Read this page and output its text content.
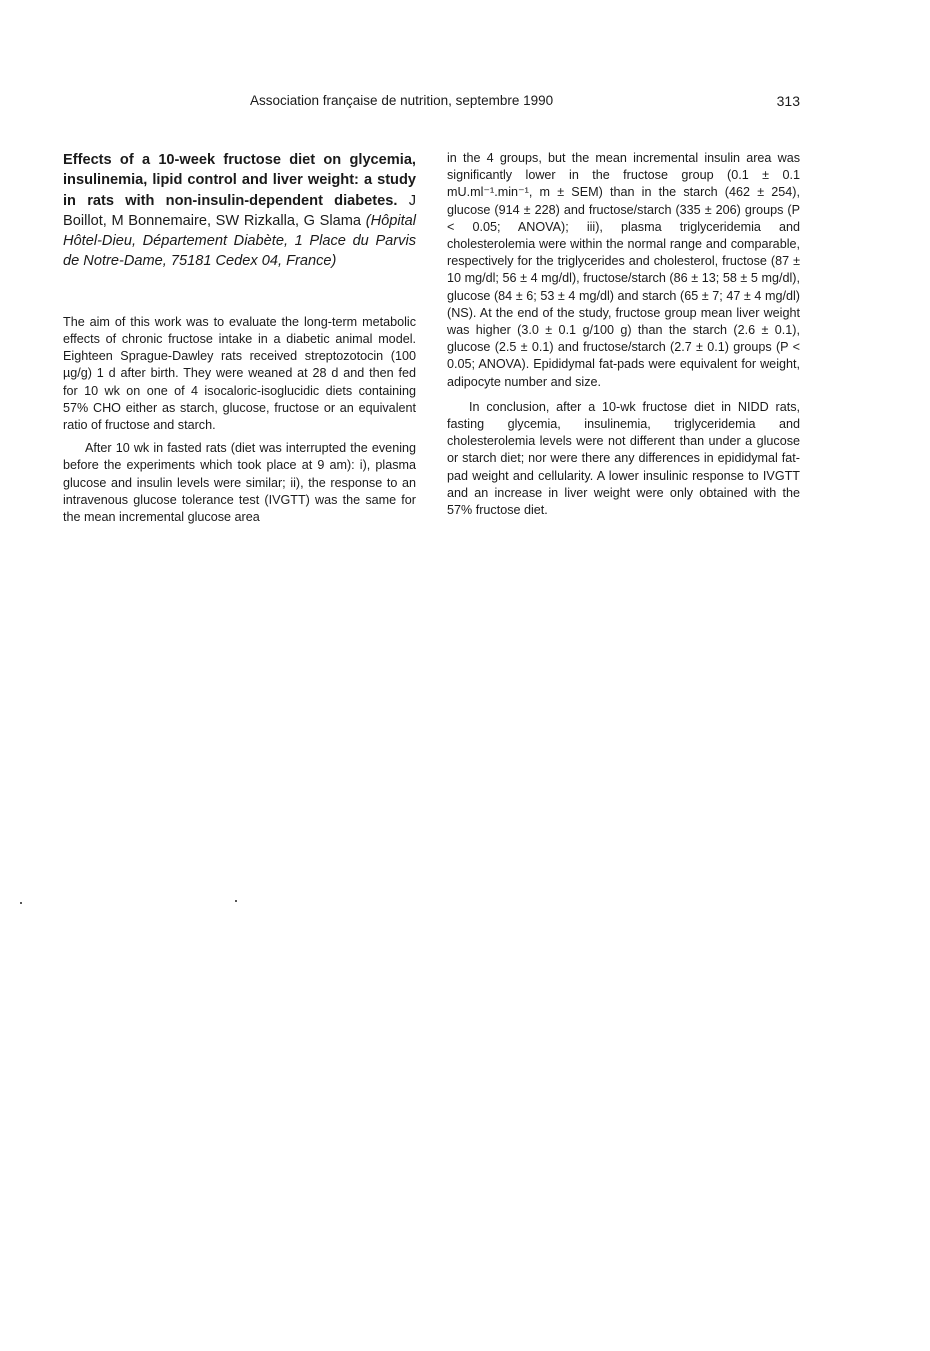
Association française de nutrition, septembre 1990	313

Effects of a 10-week fructose diet on glycemia, insulinemia, lipid control and liver weight: a study in rats with non-insulin-dependent diabetes. J Boillot, M Bonnemaire, SW Rizkalla, G Slama (Hôpital Hôtel-Dieu, Département Diabète, 1 Place du Parvis de Notre-Dame, 75181 Cedex 04, France)

The aim of this work was to evaluate the long-term metabolic effects of chronic fructose intake in a diabetic animal model. Eighteen Sprague-Dawley rats received streptozotocin (100 µg/g) 1 d after birth. They were weaned at 28 d and then fed for 10 wk on one of 4 isocaloric-isoglucidic diets containing 57% CHO either as starch, glucose, fructose or an equivalent ratio of fructose and starch.

After 10 wk in fasted rats (diet was interrupted the evening before the experiments which took place at 9 am): i), plasma glucose and insulin levels were similar; ii), the response to an intravenous glucose tolerance test (IVGTT) was the same for the mean incremental glucose area

in the 4 groups, but the mean incremental insulin area was significantly lower in the fructose group (0.1 ± 0.1 mU.ml⁻¹.min⁻¹, m ± SEM) than in the starch (462 ± 254), glucose (914 ± 228) and fructose/starch (335 ± 206) groups (P < 0.05; ANOVA); iii), plasma triglyceridemia and cholesterolemia were within the normal range and comparable, respectively for the triglycerides and cholesterol, fructose (87 ± 10 mg/dl; 56 ± 4 mg/dl), fructose/starch (86 ± 13; 58 ± 5 mg/dl), glucose (84 ± 6; 53 ± 4 mg/dl) and starch (65 ± 7; 47 ± 4 mg/dl) (NS). At the end of the study, fructose group mean liver weight was higher (3.0 ± 0.1 g/100 g) than the starch (2.6 ± 0.1), glucose (2.5 ± 0.1) and fructose/starch (2.7 ± 0.1) groups (P < 0.05; ANOVA). Epididymal fat-pads were equivalent for weight, adipocyte number and size.

In conclusion, after a 10-wk fructose diet in NIDD rats, fasting glycemia, insulinemia, triglyceridemia and cholesterolemia levels were not different than under a glucose or starch diet; nor were there any differences in epididymal fat-pad weight and cellularity. A lower insulinic response to IVGTT and an increase in liver weight were only obtained with the 57% fructose diet.
